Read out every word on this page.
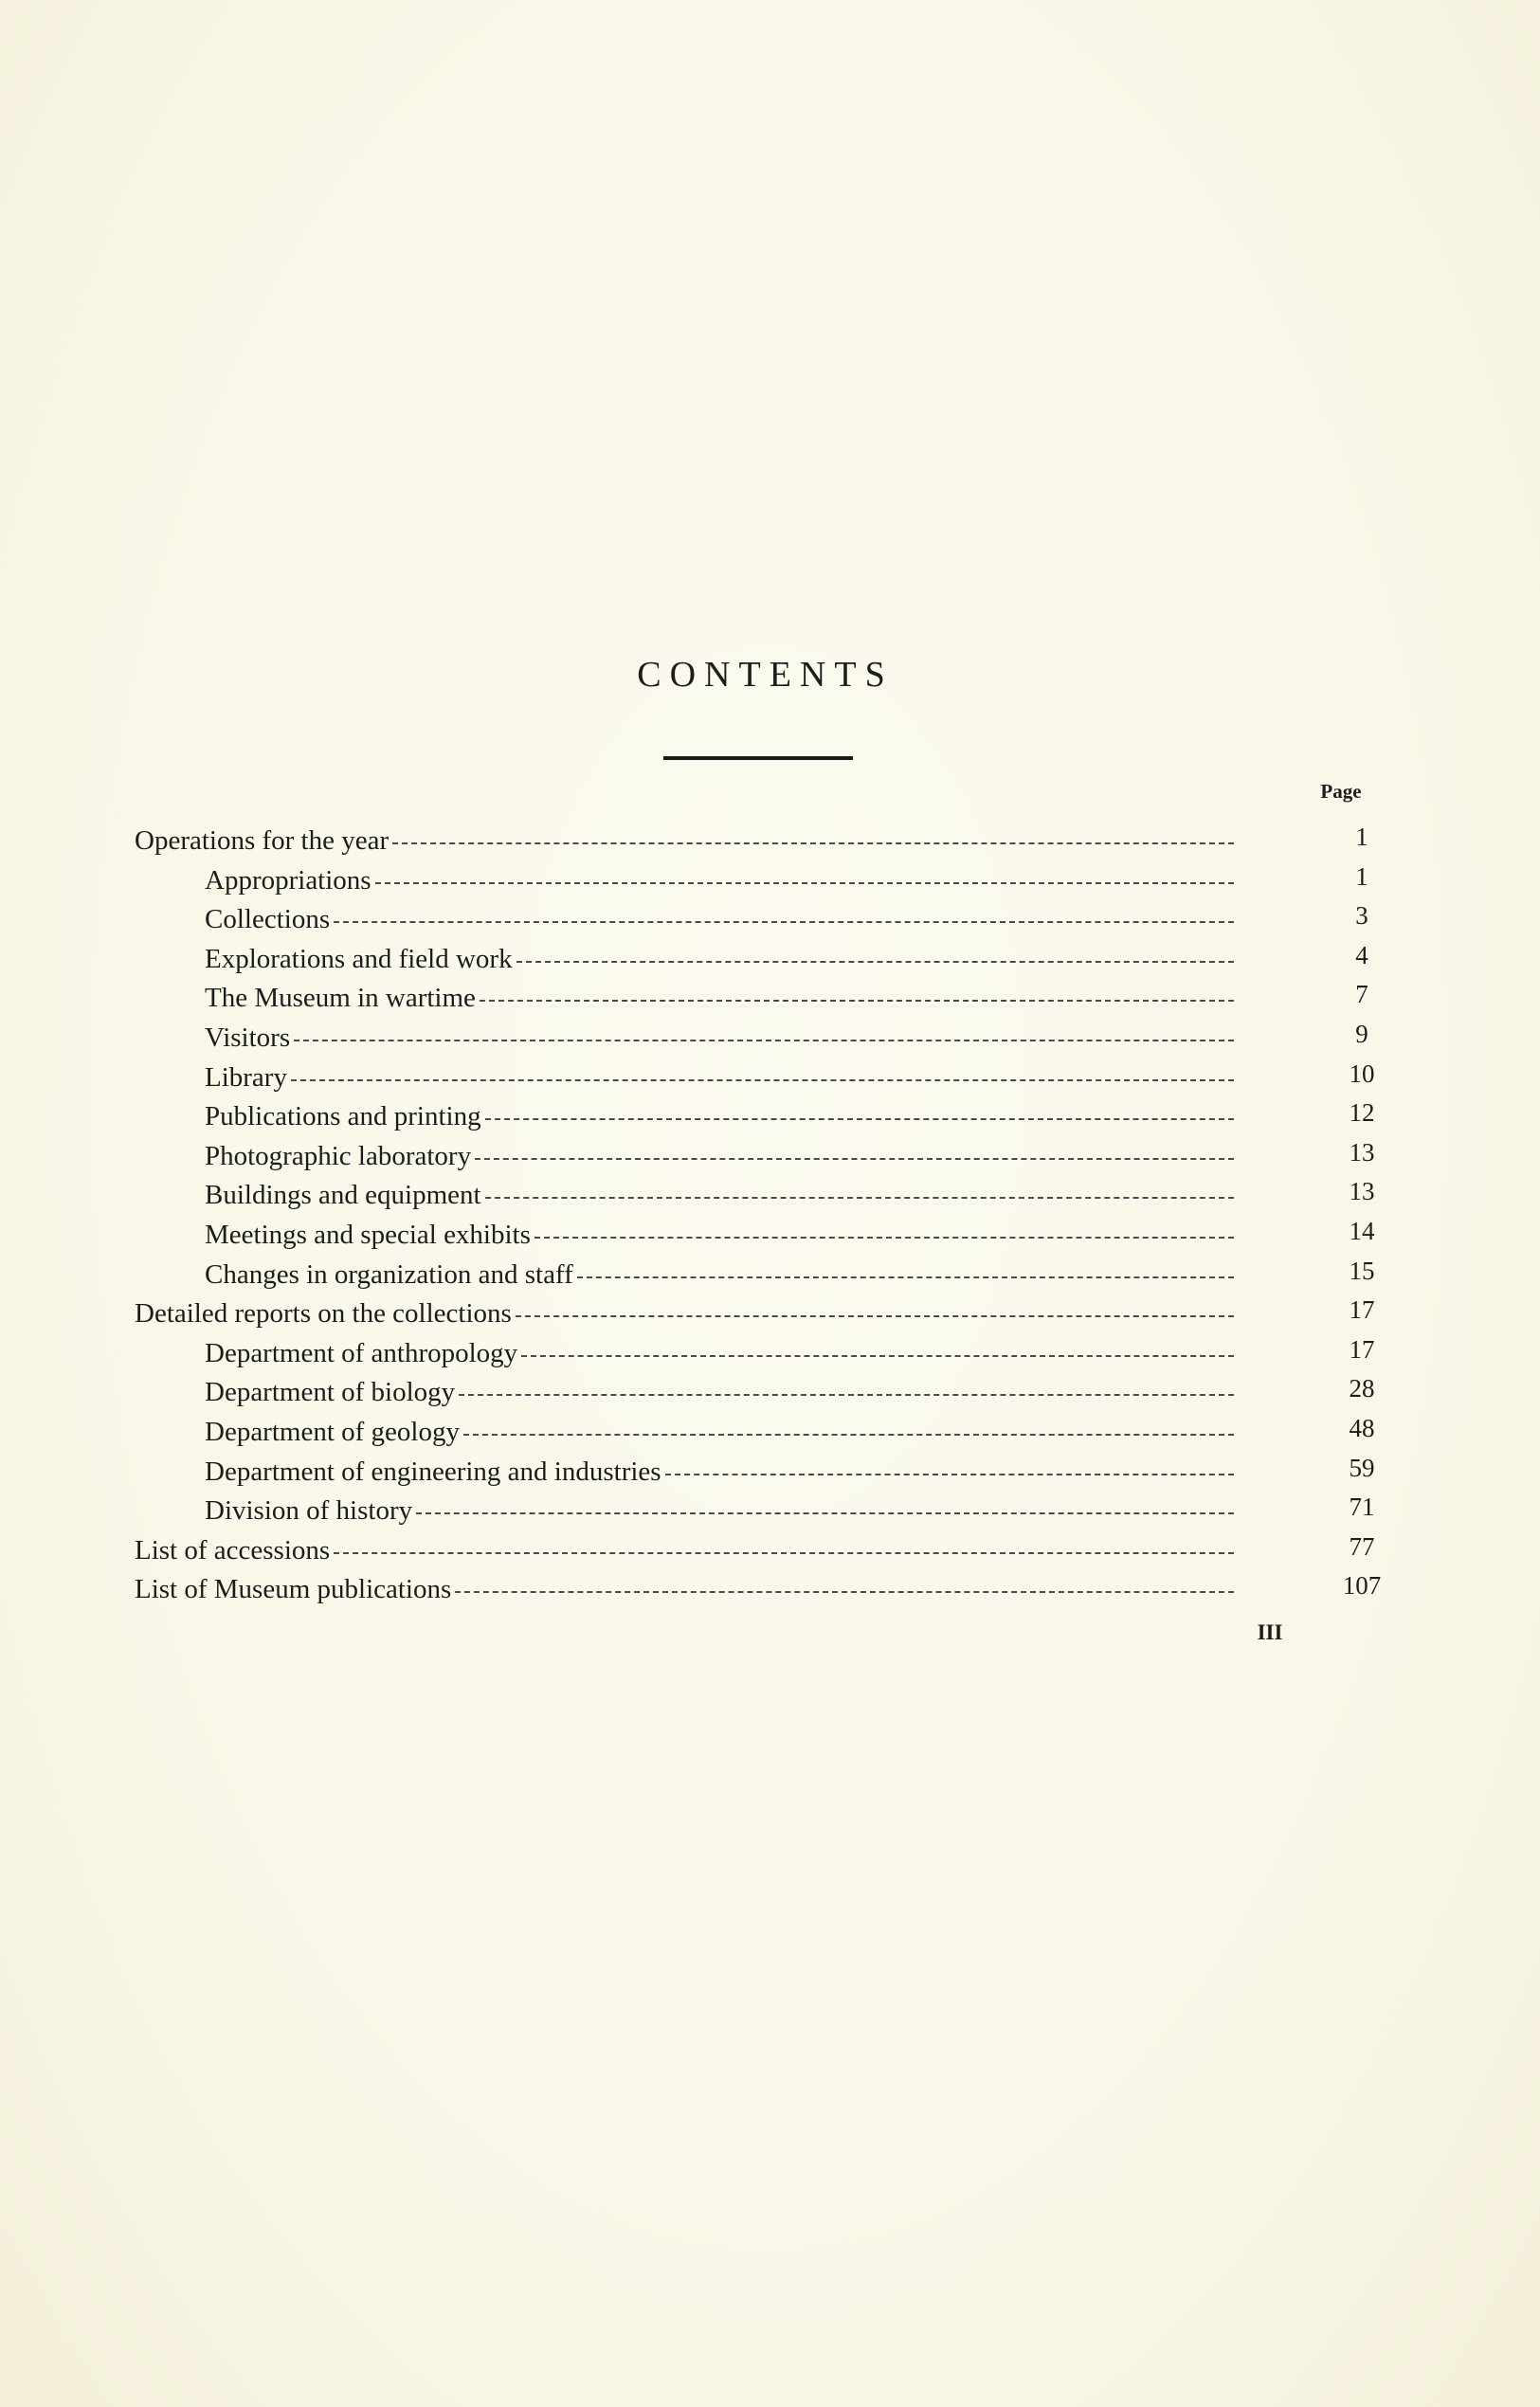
CONTENTS
Page
Operations for the year	1
Appropriations	1
Collections	3
Explorations and field work	4
The Museum in wartime	7
Visitors	9
Library	10
Publications and printing	12
Photographic laboratory	13
Buildings and equipment	13
Meetings and special exhibits	14
Changes in organization and staff	15
Detailed reports on the collections	17
Department of anthropology	17
Department of biology	28
Department of geology	48
Department of engineering and industries	59
Division of history	71
List of accessions	77
List of Museum publications	107
III
